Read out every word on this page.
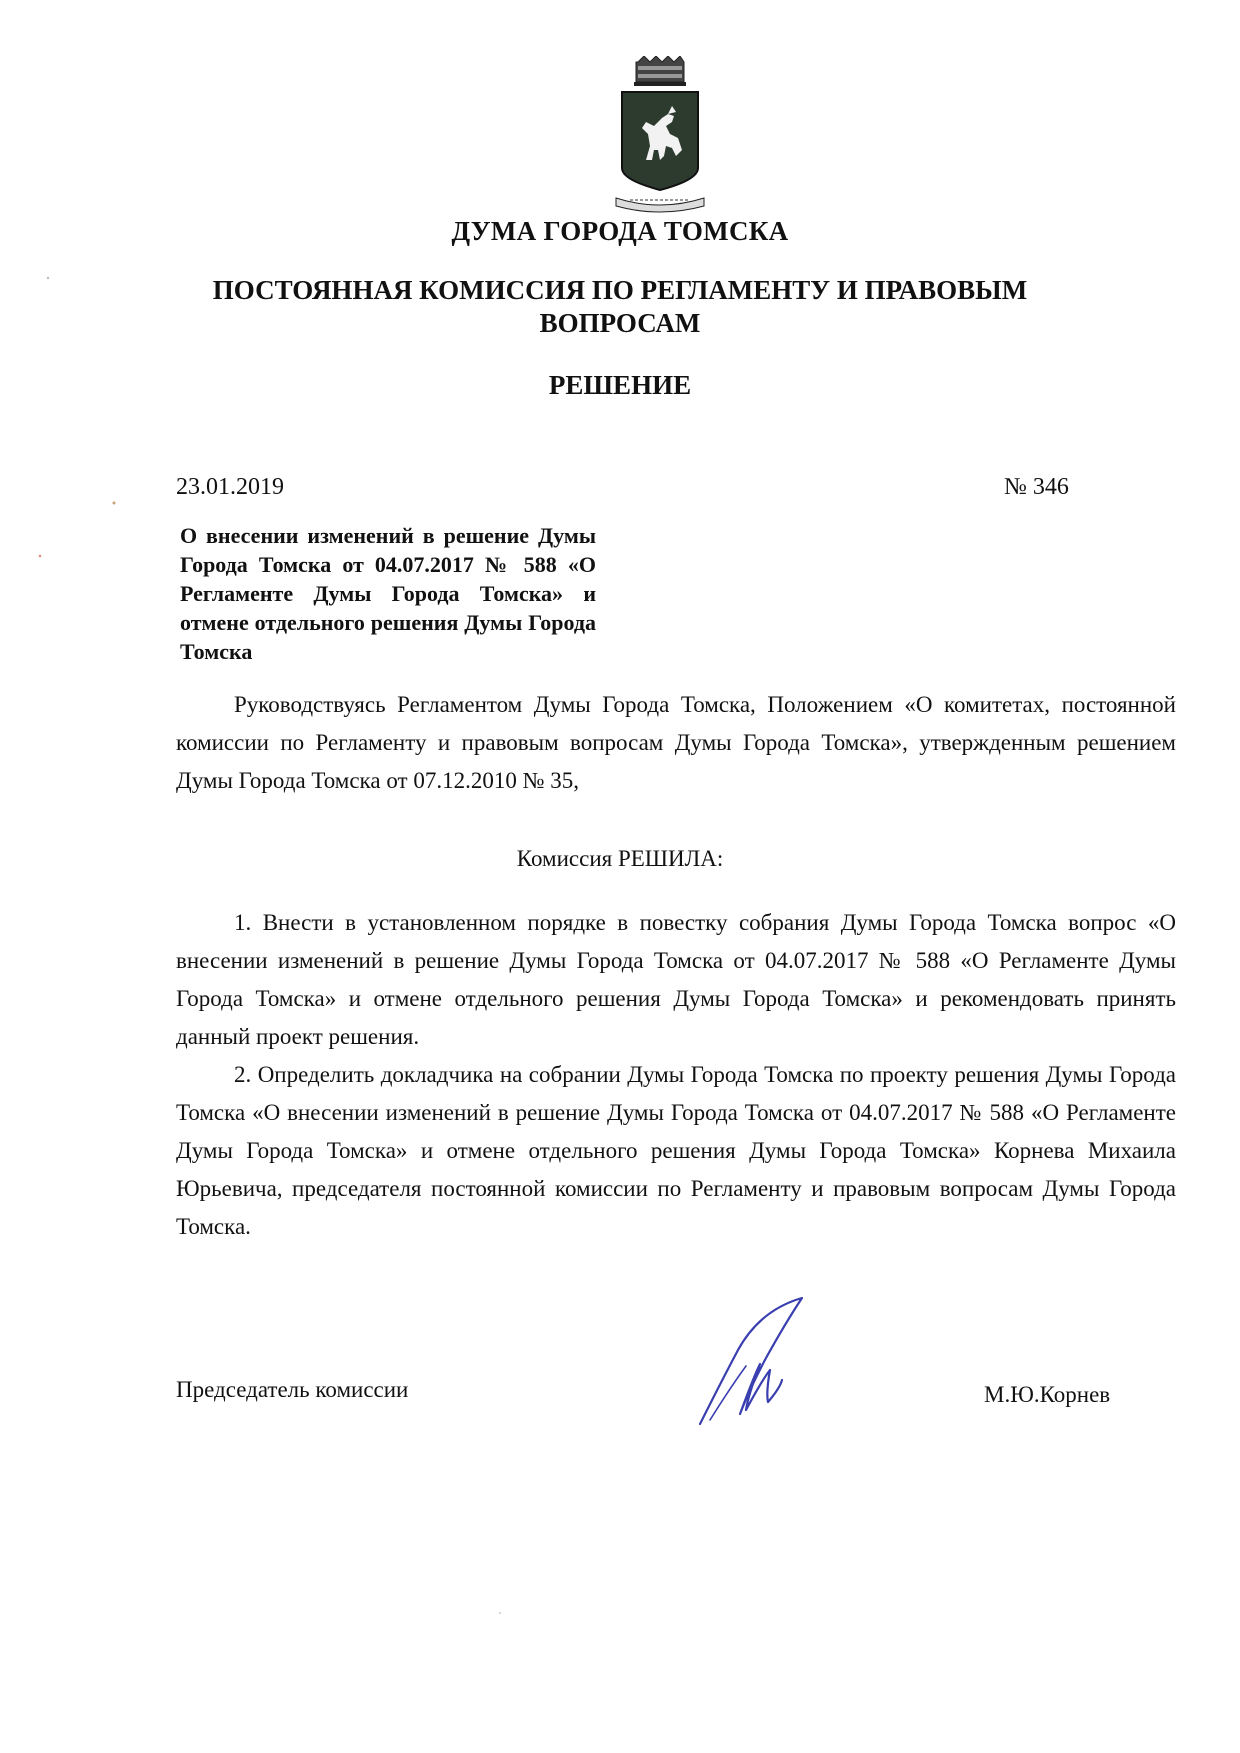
ДУМА ГОРОДА ТОМСКА
ПОСТОЯННАЯ КОМИССИЯ ПО РЕГЛАМЕНТУ И ПРАВОВЫМ ВОПРОСАМ
РЕШЕНИЕ
23.01.2019	№ 346
О внесении изменений в решение Думы Города Томска от 04.07.2017 № 588 «О Регламенте Думы Города Томска» и отмене отдельного решения Думы Города Томска

Руководствуясь Регламентом Думы Города Томска, Положением «О комитетах, постоянной комиссии по Регламенту и правовым вопросам Думы Города Томска», утвержденным решением Думы Города Томска от 07.12.2010 № 35,

Комиссия РЕШИЛА:

1. Внести в установленном порядке в повестку собрания Думы Города Томска вопрос «О внесении изменений в решение Думы Города Томска от 04.07.2017 № 588 «О Регламенте Думы Города Томска» и отмене отдельного решения Думы Города Томска» и рекомендовать принять данный проект решения.

2. Определить докладчика на собрании Думы Города Томска по проекту решения Думы Города Томска «О внесении изменений в решение Думы Города Томска от 04.07.2017 № 588 «О Регламенте Думы Города Томска» и отмене отдельного решения Думы Города Томска» Корнева Михаила Юрьевича, председателя постоянной комиссии по Регламенту и правовым вопросам Думы Города Томска.

Председатель комиссии	М.Ю.Корнев
